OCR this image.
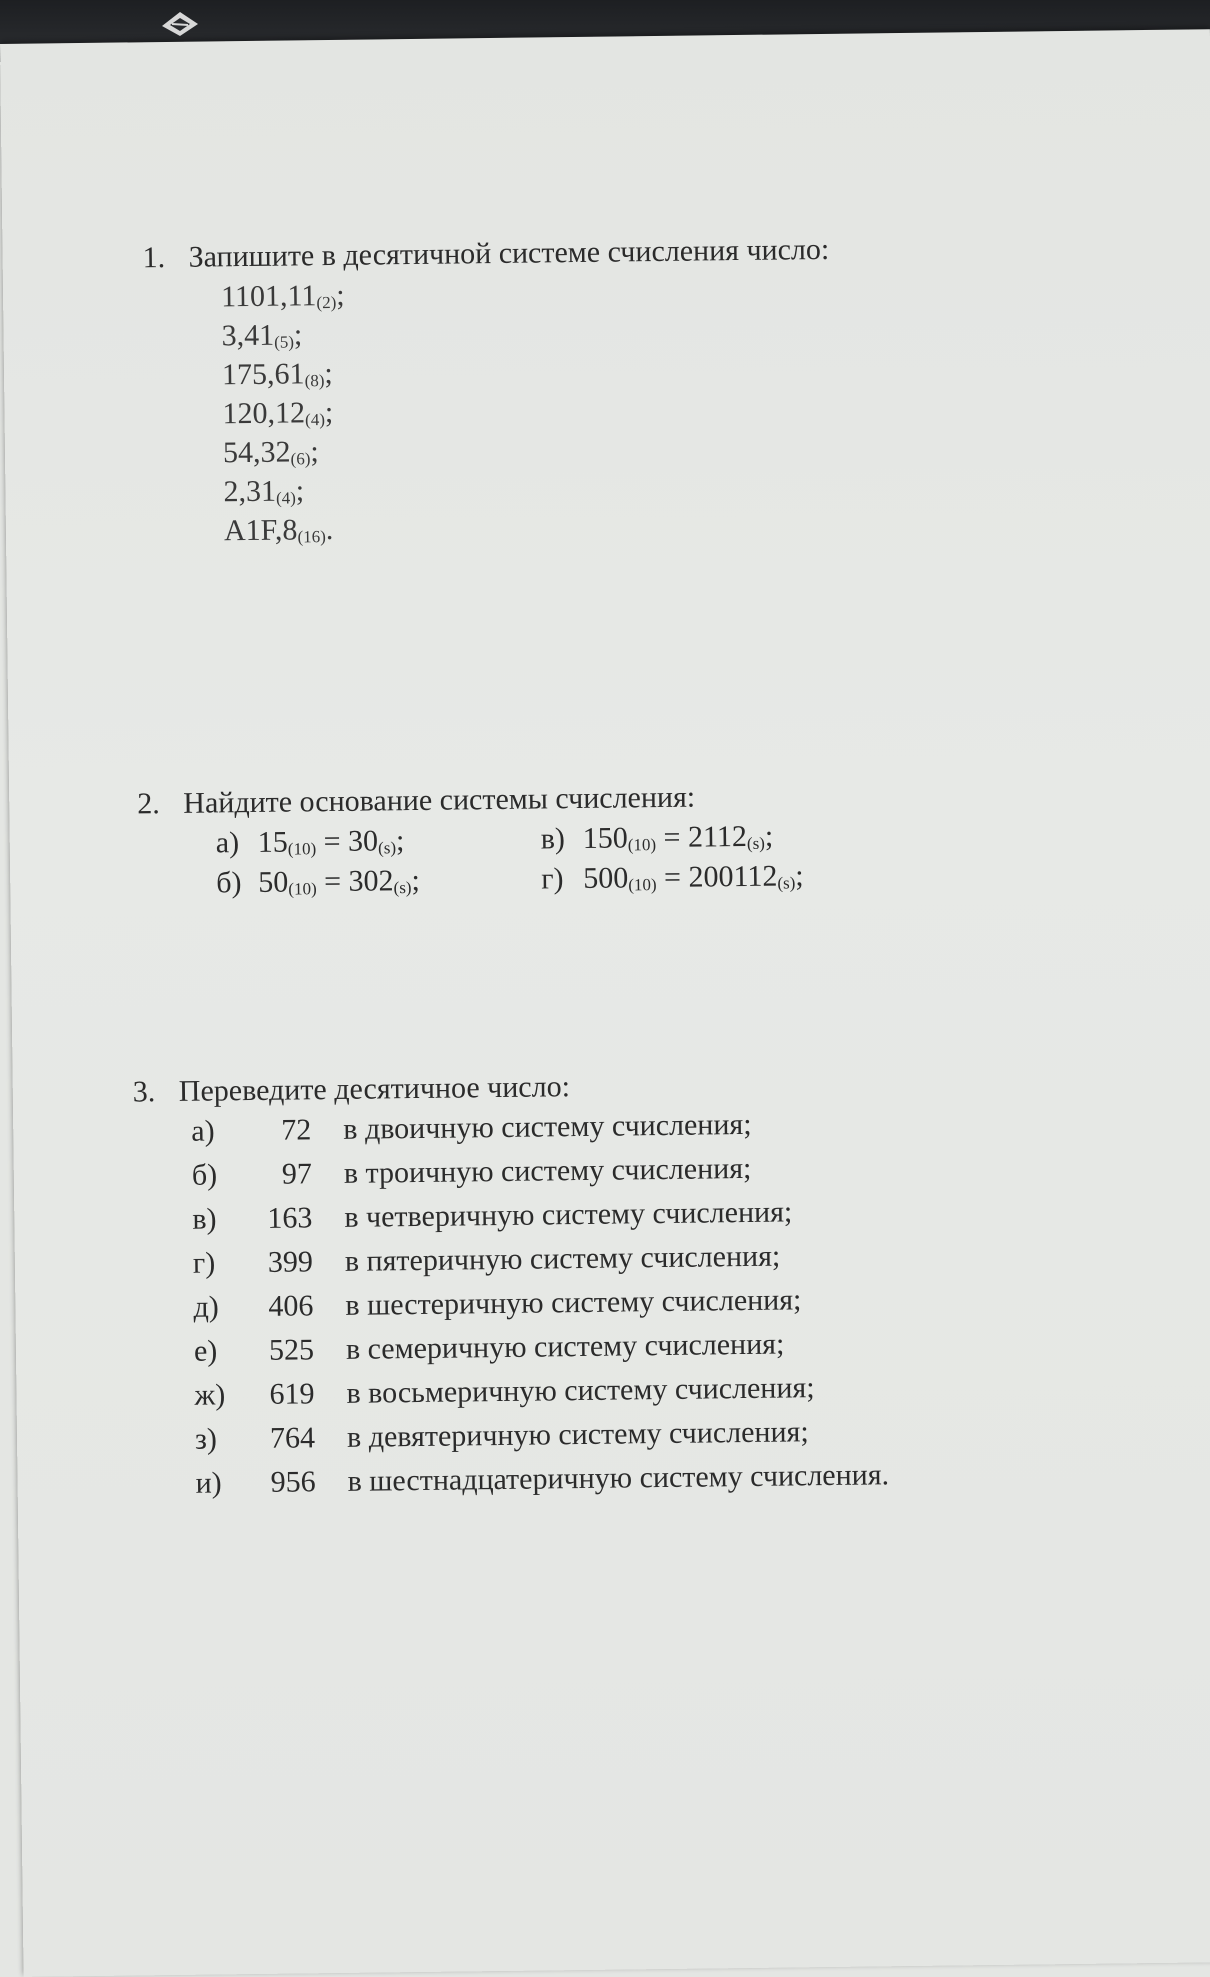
1. Запишите в десятичной системе счисления число:
$1101,11_{(2)}$;
$3,41_{(5)}$;
$175,61_{(8)}$;
$120,12_{(4)}$;
$54,32_{(6)}$;
$2,31_{(4)}$;
$A1F,8_{(16)}$.
2. Найдите основание системы счисления:
а) $15_{(10)} = 30_{(s)}$;	в) $150_{(10)} = 2112_{(s)}$;
б) $50_{(10)} = 302_{(s)}$;	г) $500_{(10)} = 200112_{(s)}$;
3. Переведите десятичное число:
а)	72 в двоичную систему счисления;
б)	97 в троичную систему счисления;
в)	163 в четверичную систему счисления;
г)	399 в пятеричную систему счисления;
д)	406 в шестеричную систему счисления;
е)	525 в семеричную систему счисления;
ж)	619 в восьмеричную систему счисления;
з)	764 в девятеричную систему счисления;
и)	956 в шестнадцатеричную систему счисления.
